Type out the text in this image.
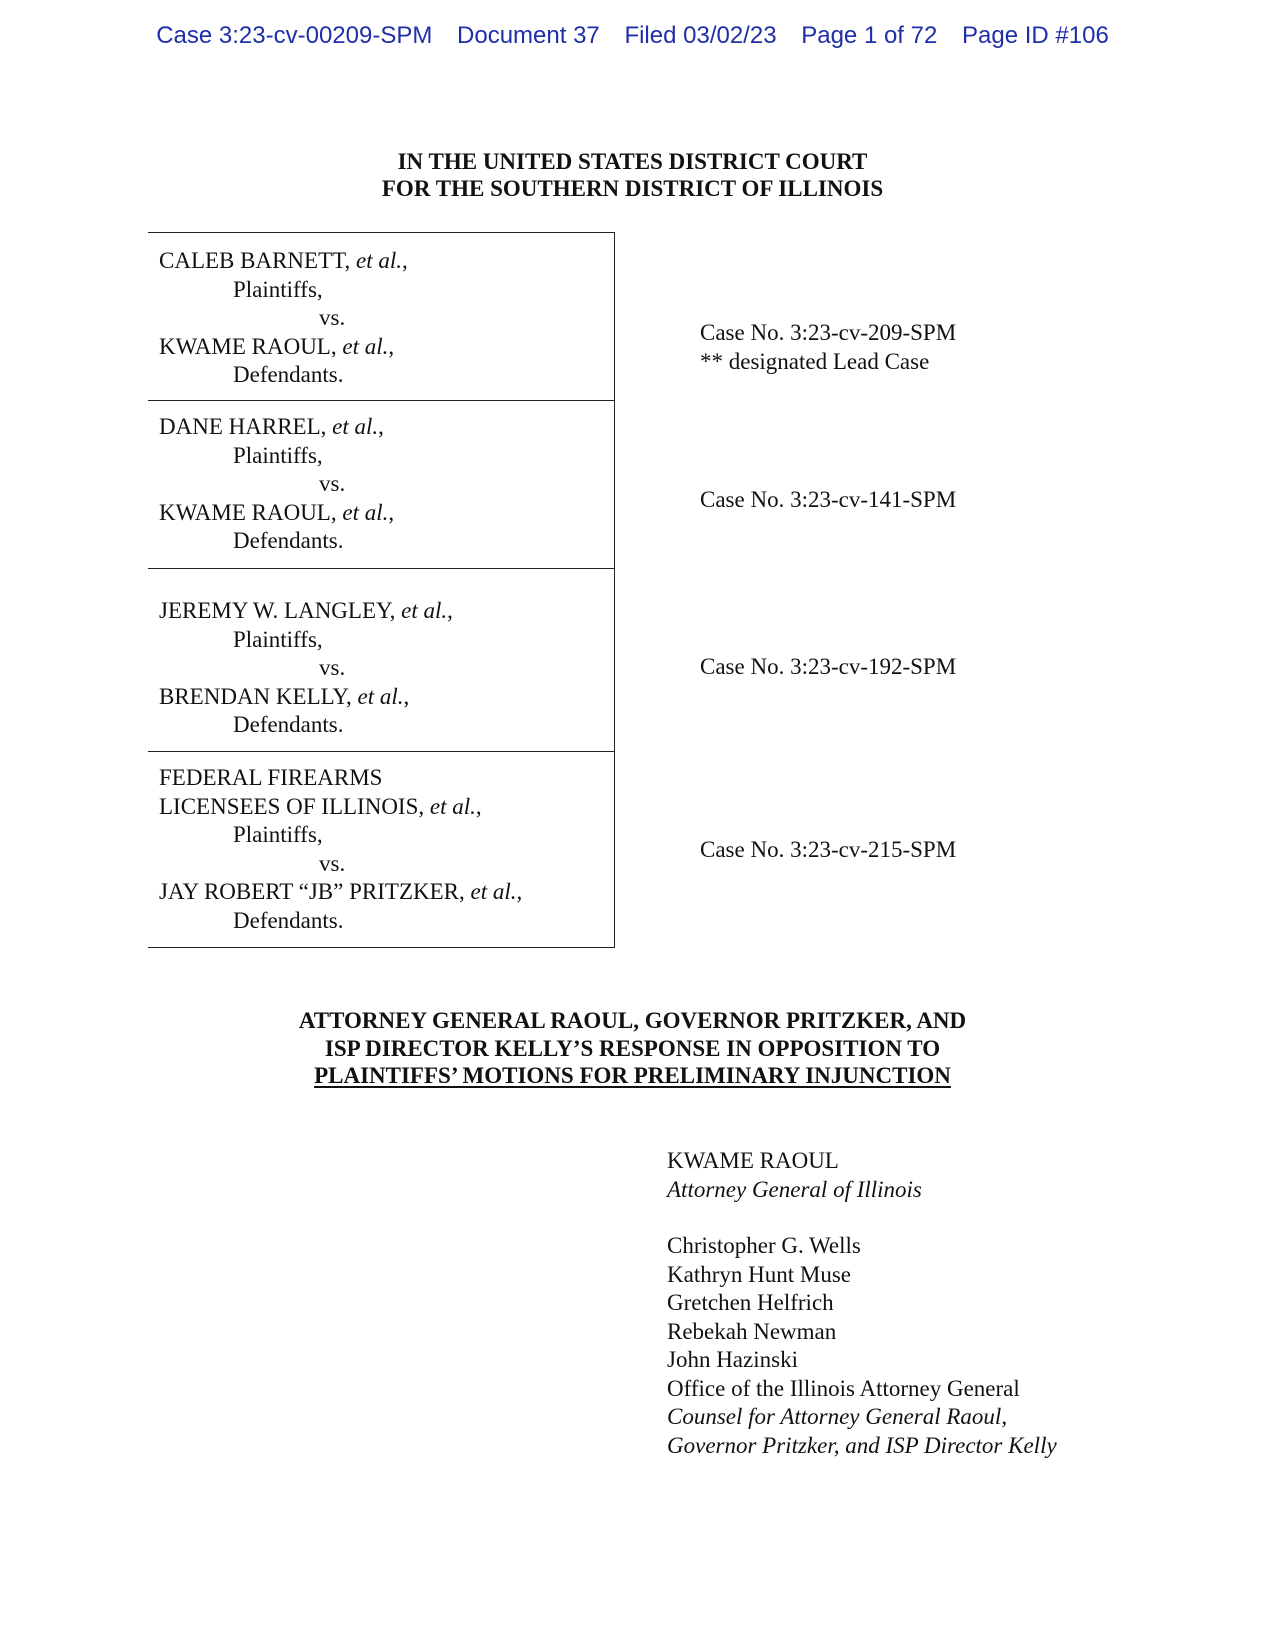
Case 3:23-cv-00209-SPM Document 37 Filed 03/02/23 Page 1 of 72 Page ID #106
IN THE UNITED STATES DISTRICT COURT
FOR THE SOUTHERN DISTRICT OF ILLINOIS
CALEB BARNETT, et al.,
Plaintiffs,
vs.
KWAME RAOUL, et al.,
Defendants.
DANE HARREL, et al.,
Plaintiffs,
vs.
KWAME RAOUL, et al.,
Defendants.
JEREMY W. LANGLEY, et al.,
Plaintiffs,
vs.
BRENDAN KELLY, et al.,
Defendants.
FEDERAL FIREARMS
LICENSEES OF ILLINOIS, et al.,
Plaintiffs,
vs.
JAY ROBERT “JB” PRITZKER, et al.,
Defendants.
Case No. 3:23-cv-209-SPM
** designated Lead Case
Case No. 3:23-cv-141-SPM
Case No. 3:23-cv-192-SPM
Case No. 3:23-cv-215-SPM
ATTORNEY GENERAL RAOUL, GOVERNOR PRITZKER, AND
ISP DIRECTOR KELLY’S RESPONSE IN OPPOSITION TO
PLAINTIFFS’ MOTIONS FOR PRELIMINARY INJUNCTION
KWAME RAOUL
Attorney General of Illinois
Christopher G. Wells
Kathryn Hunt Muse
Gretchen Helfrich
Rebekah Newman
John Hazinski
Office of the Illinois Attorney General
Counsel for Attorney General Raoul,
Governor Pritzker, and ISP Director Kelly
